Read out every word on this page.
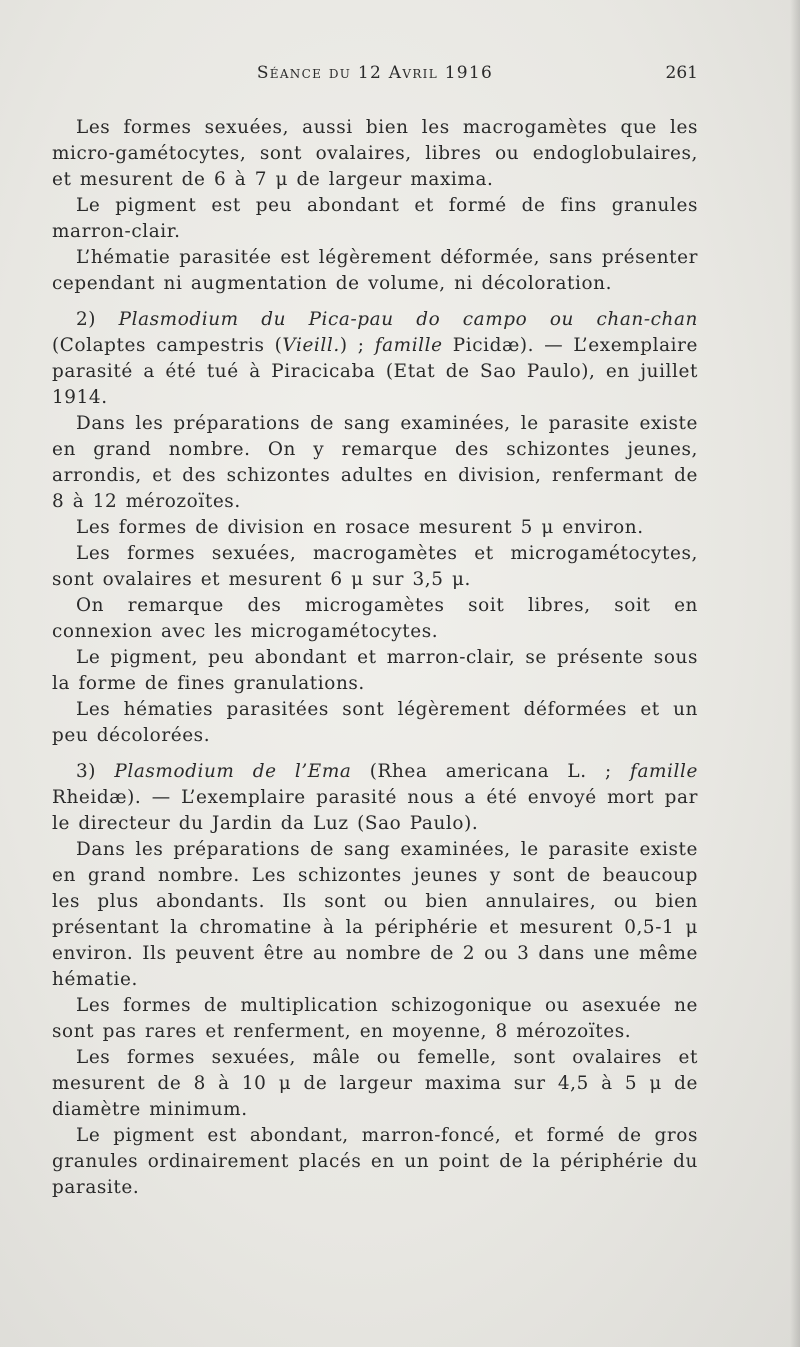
Séance du 12 Avril 1916	261

Les formes sexuées, aussi bien les macrogamètes que les micro-gamétocytes, sont ovalaires, libres ou endoglobulaires, et mesurent de 6 à 7 μ de largeur maxima.

Le pigment est peu abondant et formé de fins granules marron-clair.

L’hématie parasitée est légèrement déformée, sans présenter cependant ni augmentation de volume, ni décoloration.

2) Plasmodium du Pica-pau do campo ou chan-chan (Colaptes campestris (Vieill.) ; famille Picidæ). — L’exemplaire parasité a été tué à Piracicaba (Etat de Sao Paulo), en juillet 1914.

Dans les préparations de sang examinées, le parasite existe en grand nombre. On y remarque des schizontes jeunes, arrondis, et des schizontes adultes en division, renfermant de 8 à 12 mérozoïtes.

Les formes de division en rosace mesurent 5 μ environ.

Les formes sexuées, macrogamètes et microgamétocytes, sont ovalaires et mesurent 6 μ sur 3,5 μ.

On remarque des microgamètes soit libres, soit en connexion avec les microgamétocytes.

Le pigment, peu abondant et marron-clair, se présente sous la forme de fines granulations.

Les hématies parasitées sont légèrement déformées et un peu décolorées.

3) Plasmodium de l’Ema (Rhea americana L. ; famille Rheidæ). — L’exemplaire parasité nous a été envoyé mort par le directeur du Jardin da Luz (Sao Paulo).

Dans les préparations de sang examinées, le parasite existe en grand nombre. Les schizontes jeunes y sont de beaucoup les plus abondants. Ils sont ou bien annulaires, ou bien présentant la chromatine à la périphérie et mesurent 0,5-1 μ environ. Ils peuvent être au nombre de 2 ou 3 dans une même hématie.

Les formes de multiplication schizogonique ou asexuée ne sont pas rares et renferment, en moyenne, 8 mérozoïtes.

Les formes sexuées, mâle ou femelle, sont ovalaires et mesurent de 8 à 10 μ de largeur maxima sur 4,5 à 5 μ de diamètre minimum.

Le pigment est abondant, marron-foncé, et formé de gros granules ordinairement placés en un point de la périphérie du parasite.
